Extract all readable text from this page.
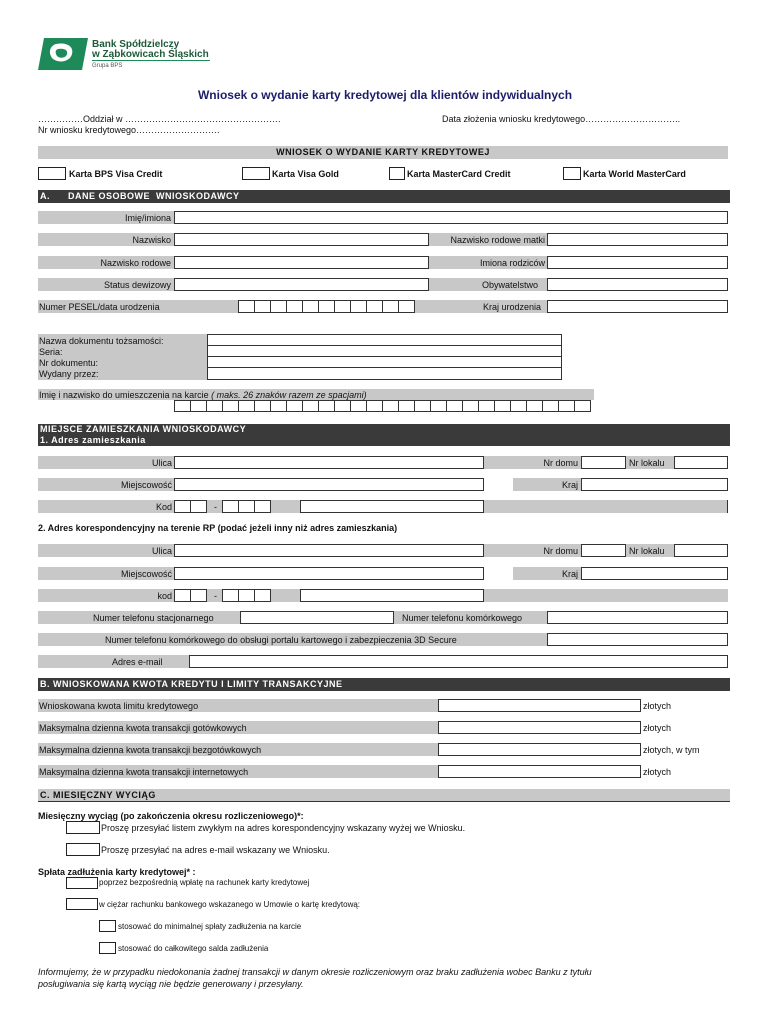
Bank Spółdzielczy
w Ząbkowicach Śląskich
Grupa BPS
Wniosek o wydanie karty kredytowej dla klientów indywidualnych
……………Oddział w …………………………………………….
Nr wniosku kredytowego……………………….
Data złożenia wniosku kredytowego…………………………..
WNIOSEK O WYDANIE KARTY KREDYTOWEJ
Karta BPS Visa Credit	Karta Visa Gold	Karta MasterCard Credit	Karta World MasterCard
A.      DANE OSOBOWE  WNIOSKODAWCY
Imię/imiona
Nazwisko	Nazwisko rodowe matki
Nazwisko rodowe	Imiona rodziców
Status dewizowy	Obywatelstwo
Numer PESEL/data urodzenia	Kraj urodzenia
Nazwa dokumentu tożsamości:
Seria:
Nr dokumentu:
Wydany przez:
Imię i nazwisko do umieszczenia na karcie ( maks. 26 znaków razem ze spacjami)
MIEJSCE ZAMIESZKANIA WNIOSKODAWCY
1. Adres zamieszkania
Ulica	Nr domu	Nr lokalu
Miejscowość	Kraj
Kod	-
2. Adres korespondencyjny na terenie RP (podać jeżeli inny niż adres zamieszkania)
Ulica	Nr domu	Nr lokalu
Miejscowość	Kraj
kod	-
Numer telefonu stacjonarnego	Numer telefonu komórkowego
Numer telefonu komórkowego do obsługi portalu kartowego i zabezpieczenia 3D Secure
Adres e-mail
B. WNIOSKOWANA KWOTA KREDYTU I LIMITY TRANSAKCYJNE
Wnioskowana kwota limitu kredytowego	złotych
Maksymalna dzienna kwota transakcji gotówkowych	złotych
Maksymalna dzienna kwota transakcji bezgotówkowych	złotych, w tym
Maksymalna dzienna kwota transakcji internetowych	złotych
C. MIESIĘCZNY WYCIĄG
Miesięczny wyciąg (po zakończenia okresu rozliczeniowego)*:
Proszę przesyłać listem zwykłym na adres korespondencyjny wskazany wyżej we Wniosku.
Proszę przesyłać na adres e-mail wskazany we Wniosku.
Spłata zadłużenia karty kredytowej* :
poprzez bezpośrednią wpłatę na rachunek karty kredytowej
w ciężar rachunku bankowego wskazanego w Umowie o kartę kredytową:
stosować do minimalnej spłaty zadłużenia na karcie
stosować do całkowitego salda zadłużenia
Informujemy, że w przypadku niedokonania żadnej transakcji w danym okresie rozliczeniowym oraz braku zadłużenia wobec Banku z tytułu
posługiwania się kartą wyciąg nie będzie generowany i przesyłany.
